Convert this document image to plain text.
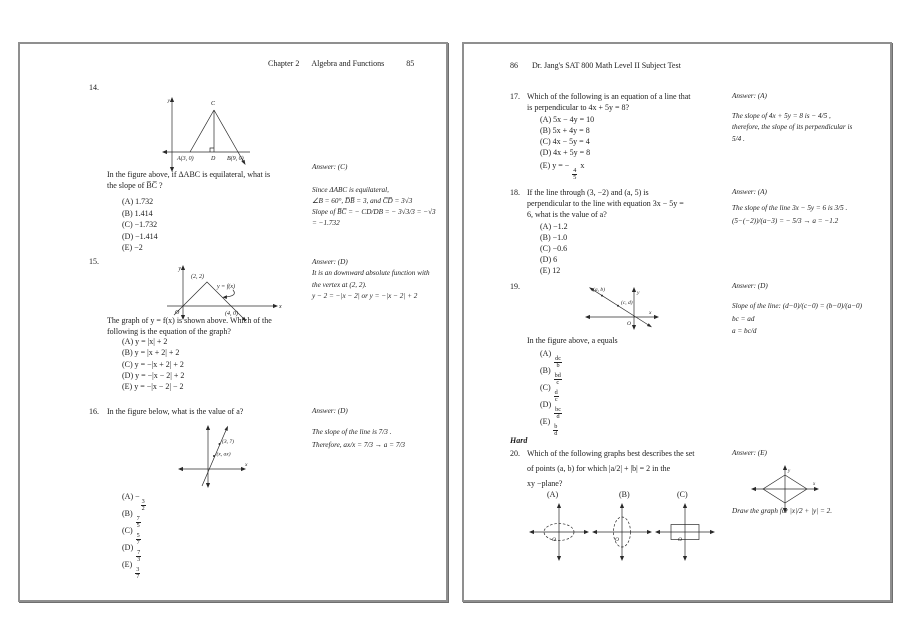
Chapter 2 Algebra and Functions	85
14.
y	C
A(3, 0)	D B(9, 0)
In the figure above, if ΔABC is equilateral, what is
the slope of B̅C̅ ?
(A) 1.732
(B) 1.414
(C) −1.732
(D) −1.414
(E) −2
Answer: (C)
Since ΔABC is equilateral,
∠B = 60°, D̅B̅ = 3, and C̅D̅ = 3√3
Slope of B̅C̅ = − CD/DB = − 3√3/3 = −√3
= −1.732
15.
y
(2, 2)
y = f(x)
O	(4, 0)
x
The graph of y = f(x) is shown above. Which of the
following is the equation of the graph?
(A) y = |x| + 2
(B) y = |x + 2| + 2
(C) y = −|x + 2| + 2
(D) y = −|x − 2| + 2
(E) y = −|x − 2| − 2
Answer: (D)
It is an downward absolute function with
the vertex at (2, 2).
y − 2 = −|x − 2| or y = −|x − 2| + 2
16. In the figure below, what is the value of a?
(3, 7)
(x, ax)
x
(A) −
$\frac{3}{2}$
(B)
$\frac{7}{5}$
(C)
$\frac{5}{7}$
(D)
$\frac{7}{3}$
(E)
$\frac{3}{7}$
Answer: (D)
The slope of the line is 7/3 .
Therefore, ax/x = 7/3 → a = 7/3
86 Dr. Jang's SAT 800 Math Level II Subject Test
17. Which of the following is an equation of a line that
is perpendicular to 4x + 5y = 8?
(A) 5x − 4y = 10
(B) 5x + 4y = 8
(C) 4x − 5y = 4
(D) 4x + 5y = 8
(E) y = −
$\frac{4}{5}$
x
Answer: (A)
The slope of 4x + 5y = 8 is − 4/5 ,
therefore, the slope of its perpendicular is
5/4 .
18. If the line through (3, −2) and (a, 5) is
perpendicular to the line with equation 3x − 5y =
6, what is the value of a?
(A) −1.2
(B) −1.0
(C) −0.6
(D) 6
(E) 12
Answer: (A)
The slope of the line 3x − 5y = 6 is 3/5 .
(5−(−2))/(a−3) = − 5/3 → a = −1.2
19.	(a, b)
(c, d)
y
x
O
In the figure above, a equals
(A)
$\frac{dc}{b}$
(B)
$\frac{bd}{c}$
(C)
$\frac{d}{c}$
(D)
$\frac{bc}{d}$
(E)
$\frac{b}{d}$
Answer: (D)
Slope of the line: (d−0)/(c−0) = (b−0)/(a−0)
bc = ad
a = bc/d
Hard
20. Which of the following graphs best describes the set
of points (a, b) for which |a/2| + |b| = 2 in the
xy −plane?
(A)	(B)	(C)
O	O	O
Answer: (E)
y
x
Draw the graph for |x|/2 + |y| = 2.
